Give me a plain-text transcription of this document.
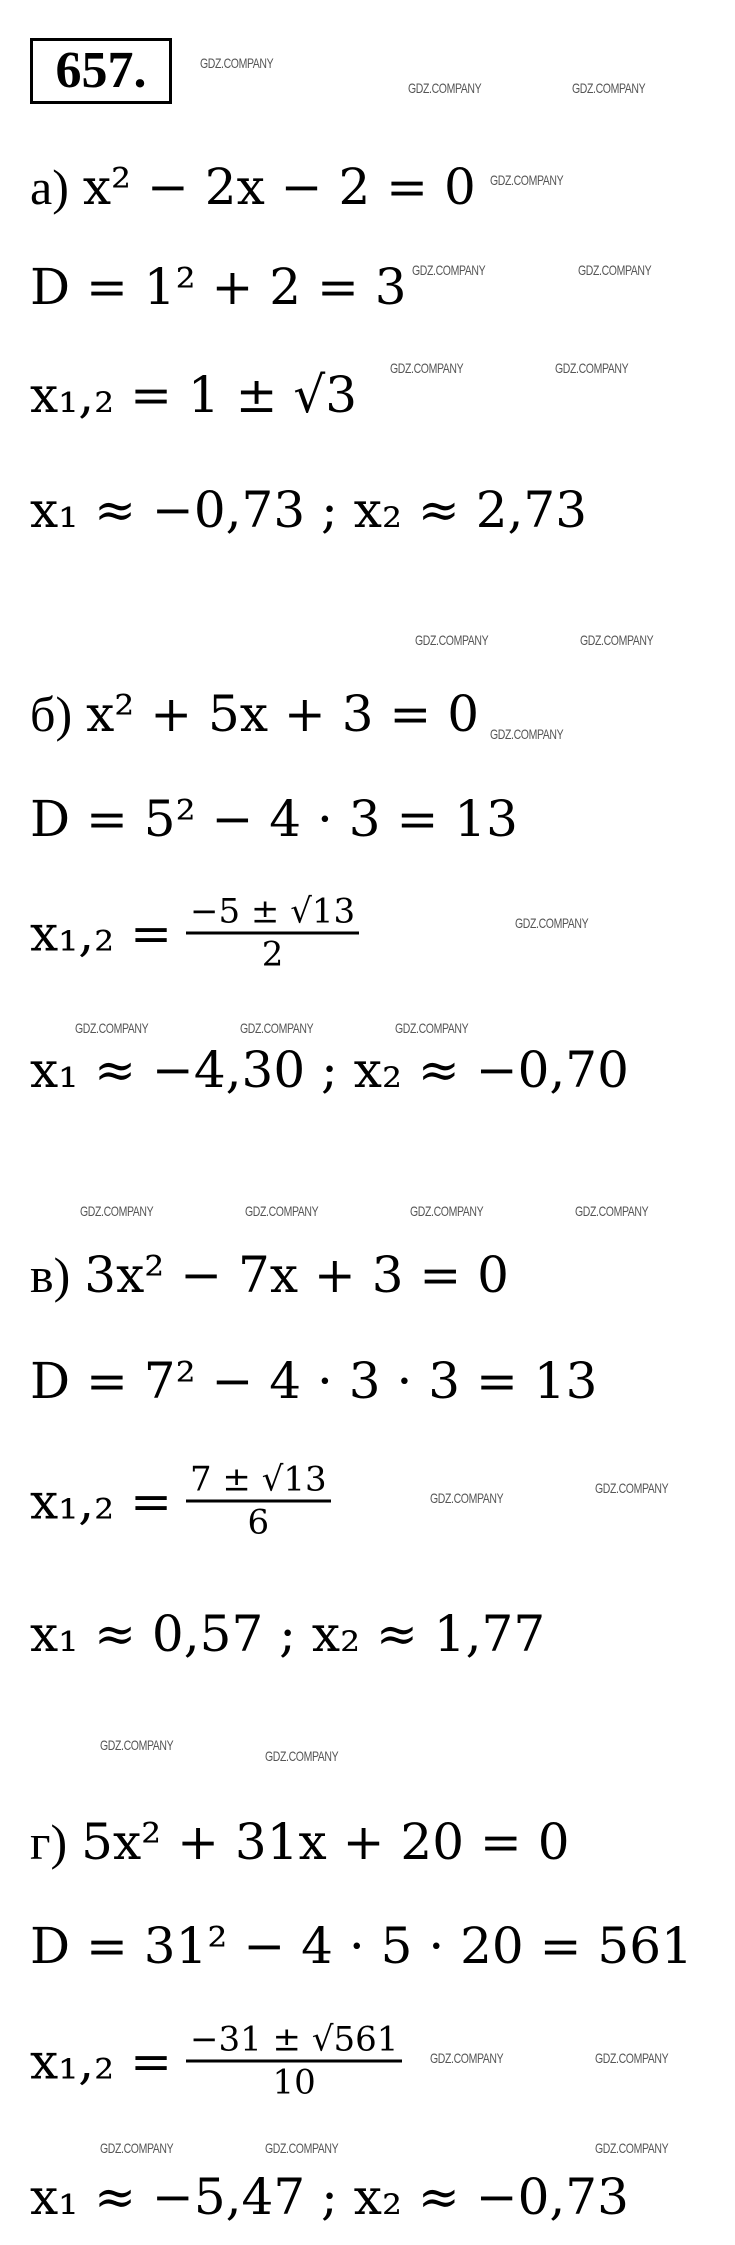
657.
а) x² − 2x − 2 = 0
D = 1² + 2 = 3
x₁,₂ = 1 ± √3
x₁ ≈ −0,73 ; x₂ ≈ 2,73
б) x² + 5x + 3 = 0
D = 5² − 4 · 3 = 13
$x_1,_2 = \frac{-5 \pm √13}{2}$
x₁ ≈ −4,30 ; x₂ ≈ −0,70
в) 3x² − 7x + 3 = 0
D = 7² − 4 · 3 · 3 = 13
$x_1,_2 = \frac{7 \pm √13}{6}$
x₁ ≈ 0,57 ; x₂ ≈ 1,77
г) 5x² + 31x + 20 = 0
D = 31² − 4 · 5 · 20 = 561
$x_1,_2 = \frac{-31 \pm √561}{10}$
x₁ ≈ −5,47 ; x₂ ≈ −0,73
GDZ.COMPANY
GDZ.COMPANY	GDZ.COMPANY
GDZ.COMPANY
GDZ.COMPANY	GDZ.COMPANY
GDZ.COMPANY	GDZ.COMPANY
GDZ.COMPANY	GDZ.COMPANY
GDZ.COMPANY
GDZ.COMPANY
GDZ.COMPANY	GDZ.COMPANY	GDZ.COMPANY
GDZ.COMPANY	GDZ.COMPANY	GDZ.COMPANY	GDZ.COMPANY
GDZ.COMPANY
GDZ.COMPANY
GDZ.COMPANY
GDZ.COMPANY
GDZ.COMPANY	GDZ.COMPANY
GDZ.COMPANY	GDZ.COMPANY	GDZ.COMPANY
